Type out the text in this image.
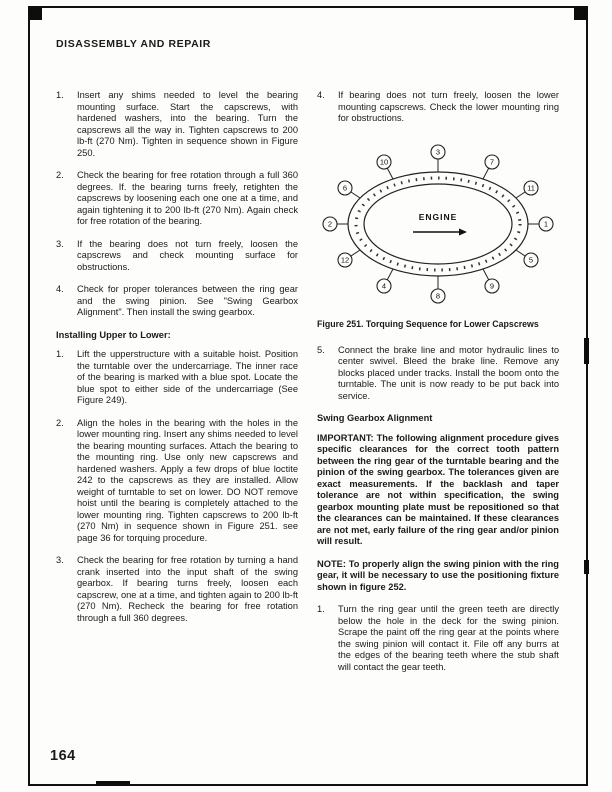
DISASSEMBLY AND REPAIR
1.	Insert any shims needed to level the bearing mounting surface. Start the capscrews, with hardened washers, into the bearing. Turn the capscrews all the way in. Tighten capscrews to 200 lb-ft (270 Nm). Tighten in sequence shown in Figure 250.
2.	Check the bearing for free rotation through a full 360 degrees. If. the bearing turns freely, retighten the capscrews by loosening each one one at a time, and again tightening it to 200 lb-ft (270 Nm). Again check for free rotation of the bearing.
3.	If the bearing does not turn freely, loosen the capscrews and check mounting surface for obstructions.
4.	Check for proper tolerances between the ring gear and the swing pinion. See "Swing Gearbox Alignment". Then install the swing gearbox.
Installing Upper to Lower:
1.	Lift the upperstructure with a suitable hoist. Position the turntable over the undercarriage. The inner race of the bearing is marked with a blue spot. Locate the blue spot to either side of the undercarriage (See Figure 249).
2.	Align the holes in the bearing with the holes in the lower mounting ring. Insert any shims needed to level the bearing mounting surfaces. Attach the bearing to the mounting ring. Use only new capscrews and hardened washers. Apply a few drops of blue loctite 242 to the capscrews as they are installed. Allow weight of turntable to set on lower. DO NOT remove hoist until the bearing is completely attached to the lower mounting ring. Tighten capscrews to 200 lb-ft (270 Nm) in sequence shown in Figure 251. see page 36 for torquing procedure.
3.	Check the bearing for free rotation by turning a hand crank inserted into the input shaft of the swing gearbox. If bearing turns freely, loosen each capscrew, one at a time, and tighten again to 200 lb-ft (270 Nm). Recheck the bearing for free rotation through a full 360 degrees.
4.	If bearing does not turn freely, loosen the lower mounting capscrews. Check the lower mounting ring for obstructions.
ENGINE
3
7
11
1
5
9
8
4
12
2
6
10
Figure 251. Torquing Sequence for Lower Capscrews
5.	Connect the brake line and motor hydraulic lines to center swivel. Bleed the brake line. Remove any blocks placed under tracks. Install the boom onto the turntable. The unit is now ready to be put back into service.
Swing Gearbox Alignment
IMPORTANT: The following alignment procedure gives specific clearances for the correct tooth pattern between the ring gear of the turntable bearing and the pinion of the swing gearbox. The tolerances given are exact measurements. If the backlash and taper tolerance are not within specification, the swing gearbox mounting plate must be repositioned so that the clearances can be maintained. If these clearances are not met, early failure of the ring gear and/or pinion will result.
NOTE: To properly align the swing pinion with the ring gear, it will be necessary to use the positioning fixture shown in figure 252.
1.	Turn the ring gear until the green teeth are directly below the hole in the deck for the swing pinion. Scrape the paint off the ring gear at the points where the swing pinion will contact it. File off any burrs at the edges of the bearing teeth where the stub shaft will contact the gear teeth.
164
